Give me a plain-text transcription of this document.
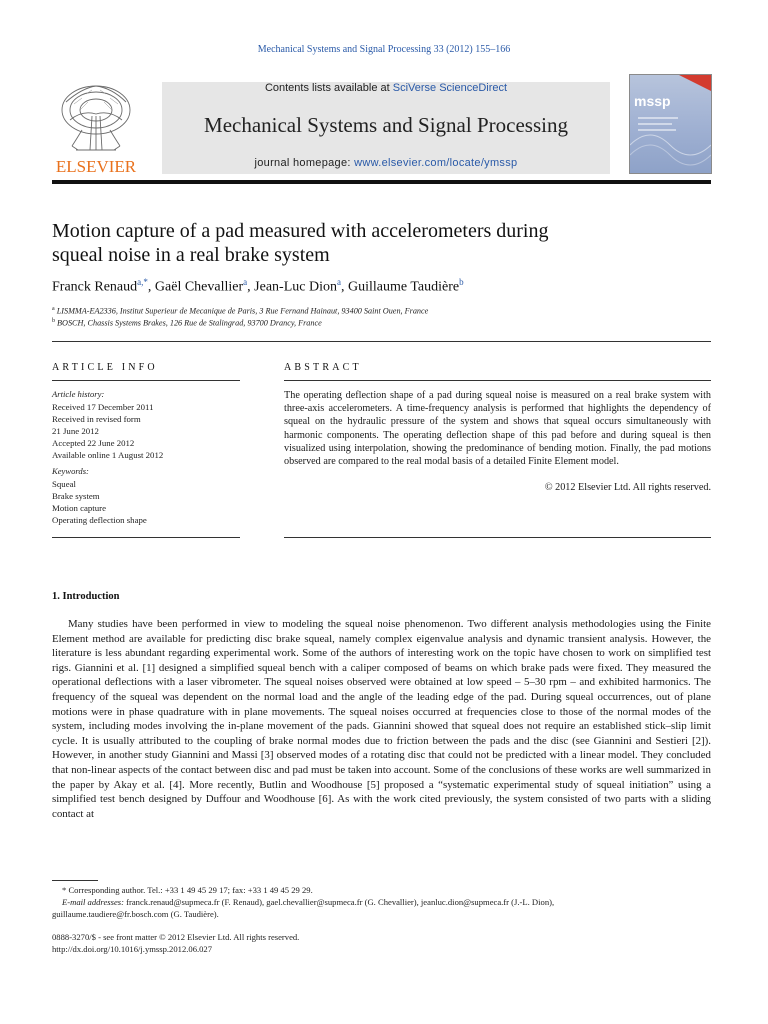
Mechanical Systems and Signal Processing 33 (2012) 155–166
Contents lists available at SciVerse ScienceDirect
Mechanical Systems and Signal Processing
journal homepage: www.elsevier.com/locate/ymssp
ELSEVIER
mssp
Motion capture of a pad measured with accelerometers during
squeal noise in a real brake system
Franck Renaud$^{a,*}$, Gaël Chevallier$^a$, Jean-Luc Dion$^a$, Guillaume Taudière$^b$
$^a$ LISMMA-EA2336, Institut Superieur de Mecanique de Paris, 3 Rue Fernand Hainaut, 93400 Saint Ouen, France
$^b$ BOSCH, Chassis Systems Brakes, 126 Rue de Stalingrad, 93700 Drancy, France
ARTICLE INFO
Article history:
Received 17 December 2011
Received in revised form
21 June 2012
Accepted 22 June 2012
Available online 1 August 2012
Keywords:
Squeal
Brake system
Motion capture
Operating deflection shape
ABSTRACT
The operating deflection shape of a pad during squeal noise is measured on a real brake system with three-axis accelerometers. A time-frequency analysis is performed that highlights the dependency of squeal on the hydraulic pressure of the system and shows that squeal occurs simultaneously with harmonic components. The operating deflection shape of this pad before and during squeal is then visualized using interpolation, showing the predominance of bending motion. Finally, the pad motions observed are compared to the real modal basis of a detailed Finite Element model.
© 2012 Elsevier Ltd. All rights reserved.
1. Introduction

Many studies have been performed in view to modeling the squeal noise phenomenon. Two different analysis methodologies using the Finite Element method are available for predicting disc brake squeal, namely complex eigenvalue analysis and dynamic transient analysis. However, the literature is less abundant regarding experimental work. Some of the authors of interesting work on the topic have chosen to work on simplified test rigs. Giannini et al. [1] designed a simplified squeal bench with a caliper composed of beams on which brake pads were fixed. They measured the operational deflections with a laser vibrometer. The squeal noises observed were obtained at low speed – 5–30 rpm – and exhibited harmonics. The frequency of the squeal was dependent on the normal load and the angle of the leading edge of the pad. During squeal occurrences, out of plane motions were in phase quadrature with in plane movements. The squeal noises occurred at frequencies close to those of the normal modes of the system, including modes involving the in-plane movement of the pads. Giannini showed that squeal does not require an established stick–slip limit cycle. It is usually attributed to the coupling of brake normal modes due to friction between the pads and the disc (see Giannini and Sestieri [2]). However, in another study Giannini and Massi [3] observed modes of a rotating disc that could not be predicted with a linear model. They concluded that non-linear aspects of the contact between disc and pad must be taken into account. Some of the conclusions of these works are well summarized in the paper by Akay et al. [4]. More recently, Butlin and Woodhouse [5] proposed a “systematic experimental study of squeal initiation” using a simplified test bench designed by Duffour and Woodhouse [6]. As with the work cited previously, the system consisted of two parts with a sliding contact at

* Corresponding author. Tel.: +33 1 49 45 29 17; fax: +33 1 49 45 29 29.
E-mail addresses: franck.renaud@supmeca.fr (F. Renaud), gael.chevallier@supmeca.fr (G. Chevallier), jeanluc.dion@supmeca.fr (J.-L. Dion),
guillaume.taudiere@fr.bosch.com (G. Taudière).
0888-3270/$ - see front matter © 2012 Elsevier Ltd. All rights reserved.
http://dx.doi.org/10.1016/j.ymssp.2012.06.027
